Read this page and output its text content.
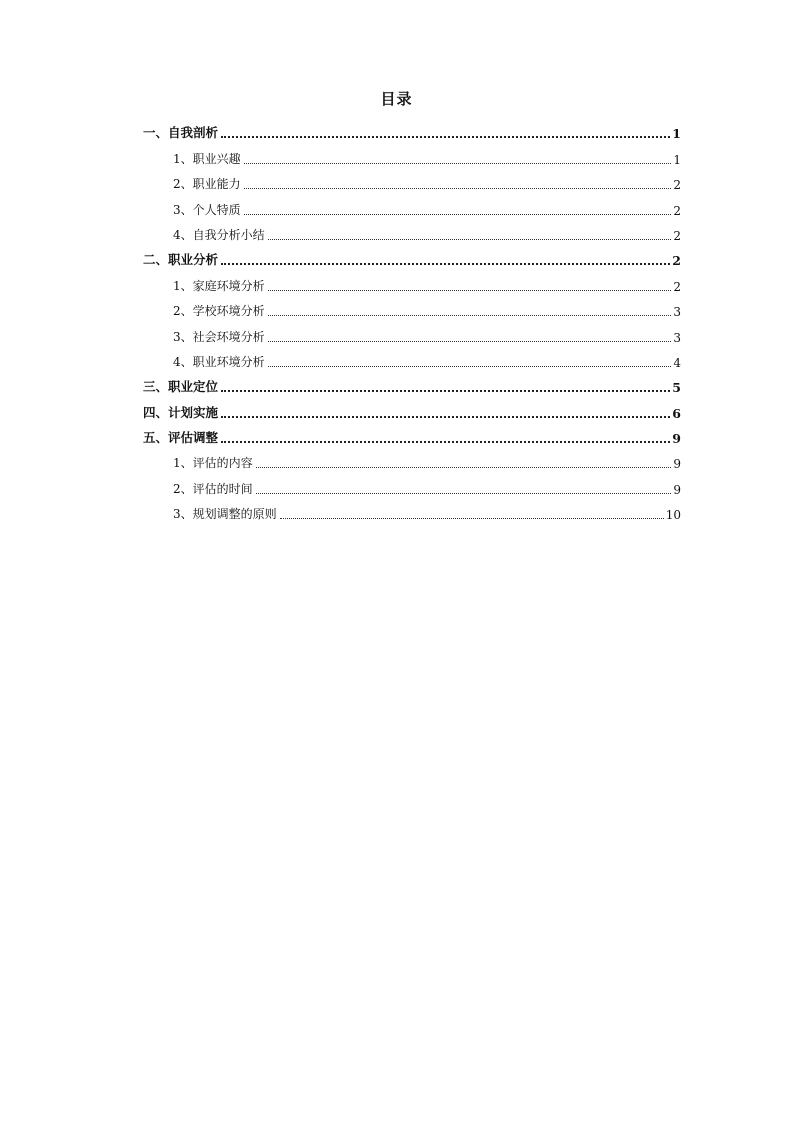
目录
一、自我剖析	1
1、职业兴趣	1
2、职业能力	2
3、个人特质	2
4、自我分析小结	2
二、职业分析	2
1、家庭环境分析	2
2、学校环境分析	3
3、社会环境分析	3
4、职业环境分析	4
三、职业定位	5
四、计划实施	6
五、评估调整	9
1、评估的内容	9
2、评估的时间	9
3、规划调整的原则	10
